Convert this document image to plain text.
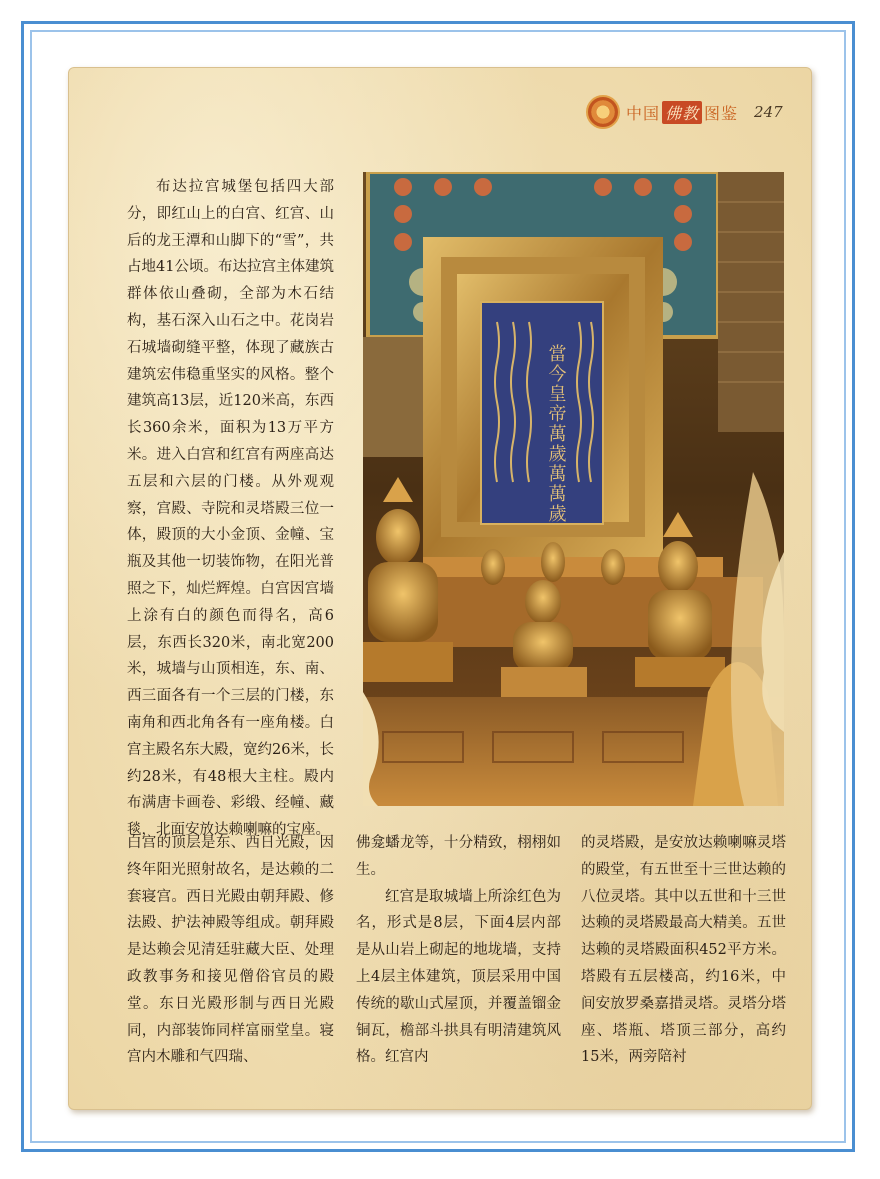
中国 佛教 图鉴 247
當今皇帝萬歲萬萬歲

布达拉宫城堡包括四大部分，即红山上的白宫、红宫、山后的龙王潭和山脚下的“雪”，共占地41公顷。布达拉宫主体建筑群体依山叠砌，全部为木石结构，基石深入山石之中。花岗岩石城墙砌缝平整，体现了藏族古建筑宏伟稳重坚实的风格。整个建筑高13层，近120米高，东西长360余米，面积为13万平方米。进入白宫和红宫有两座高达五层和六层的门楼。从外观观察，宫殿、寺院和灵塔殿三位一体，殿顶的大小金顶、金幢、宝瓶及其他一切装饰物，在阳光普照之下，灿烂辉煌。白宫因宫墙上涂有白的颜色而得名，高6层，东西长320米，南北宽200米，城墙与山顶相连，东、南、西三面各有一个三层的门楼，东南角和西北角各有一座角楼。白宫主殿名东大殿，宽约26米，长约28米，有48根大主柱。殿内布满唐卡画卷、彩缎、经幢、藏毯，北面安放达赖喇嘛的宝座。

白宫的顶层是东、西日光殿，因终年阳光照射故名，是达赖的二套寝宫。西日光殿由朝拜殿、修法殿、护法神殿等组成。朝拜殿是达赖会见清廷驻藏大臣、处理政教事务和接见僧俗官员的殿堂。东日光殿形制与西日光殿同，内部装饰同样富丽堂皇。寝宫内木雕和气四瑞、

佛龛蟠龙等，十分精致，栩栩如生。

红宫是取城墙上所涂红色为名，形式是8层，下面4层内部是从山岩上砌起的地垅墙，支持上4层主体建筑，顶层采用中国传统的歇山式屋顶，并覆盖镏金铜瓦，檐部斗拱具有明清建筑风格。红宫内

的灵塔殿，是安放达赖喇嘛灵塔的殿堂，有五世至十三世达赖的八位灵塔。其中以五世和十三世达赖的灵塔殿最高大精美。五世达赖的灵塔殿面积452平方米。塔殿有五层楼高，约16米，中间安放罗桑嘉措灵塔。灵塔分塔座、塔瓶、塔顶三部分，高约15米，两旁陪衬
